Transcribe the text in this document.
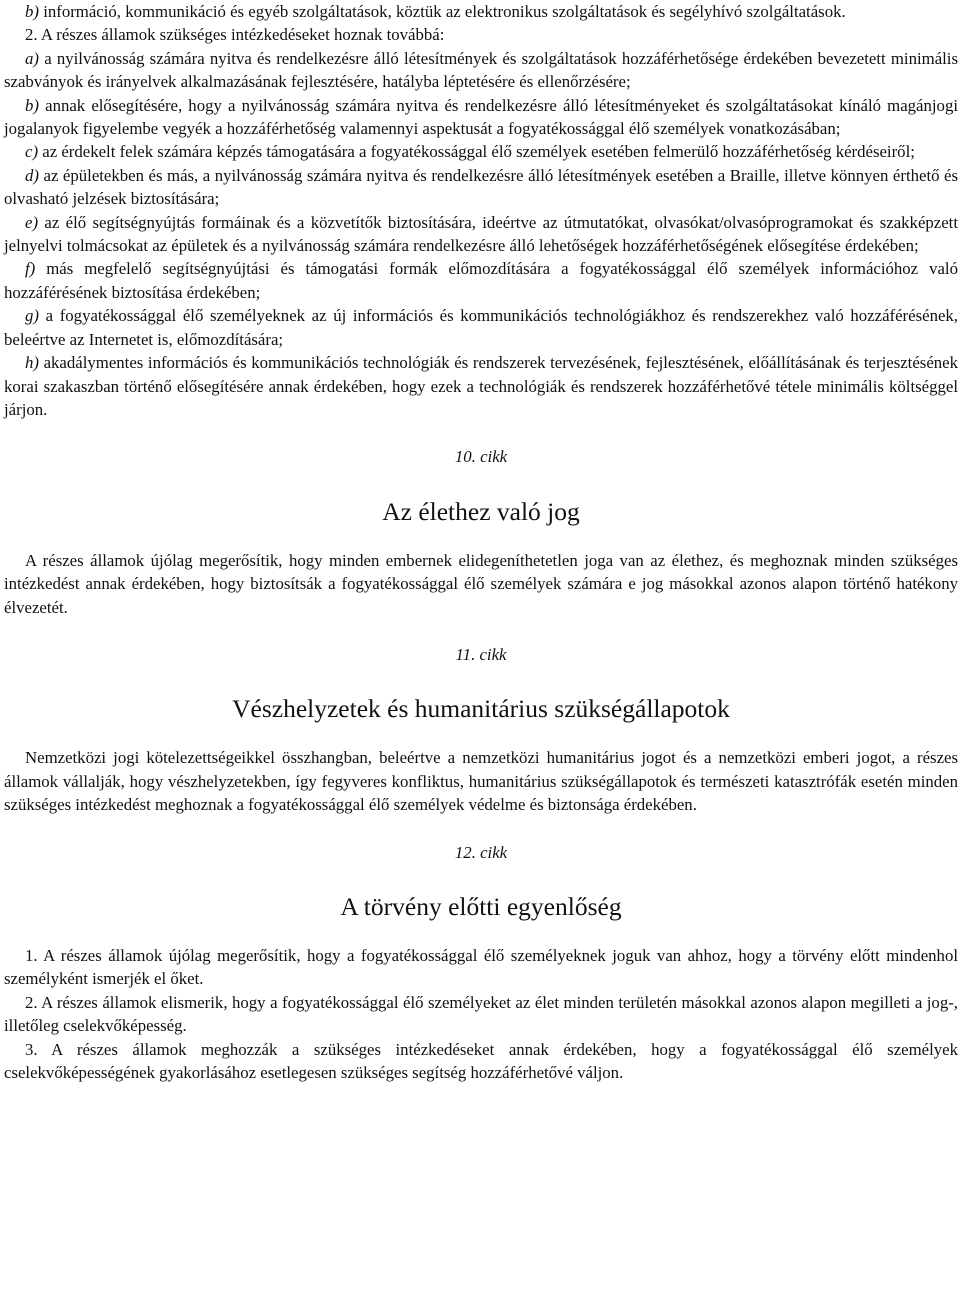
b) információ, kommunikáció és egyéb szolgáltatások, köztük az elektronikus szolgáltatások és segélyhívó szolgáltatások.

2. A részes államok szükséges intézkedéseket hoznak továbbá:

a) a nyilvánosság számára nyitva és rendelkezésre álló létesítmények és szolgáltatások hozzáférhetősége érdekében bevezetett minimális szabványok és irányelvek alkalmazásának fejlesztésére, hatályba léptetésére és ellenőrzésére;

b) annak elősegítésére, hogy a nyilvánosság számára nyitva és rendelkezésre álló létesítményeket és szolgáltatásokat kínáló magánjogi jogalanyok figyelembe vegyék a hozzáférhetőség valamennyi aspektusát a fogyatékossággal élő személyek vonatkozásában;

c) az érdekelt felek számára képzés támogatására a fogyatékossággal élő személyek esetében felmerülő hozzáférhetőség kérdéseiről;

d) az épületekben és más, a nyilvánosság számára nyitva és rendelkezésre álló létesítmények esetében a Braille, illetve könnyen érthető és olvasható jelzések biztosítására;

e) az élő segítségnyújtás formáinak és a közvetítők biztosítására, ideértve az útmutatókat, olvasókat/olvasóprogramokat és szakképzett jelnyelvi tolmácsokat az épületek és a nyilvánosság számára rendelkezésre álló lehetőségek hozzáférhetőségének elősegítése érdekében;

f) más megfelelő segítségnyújtási és támogatási formák előmozdítására a fogyatékossággal élő személyek információhoz való hozzáférésének biztosítása érdekében;

g) a fogyatékossággal élő személyeknek az új információs és kommunikációs technológiákhoz és rendszerekhez való hozzáférésének, beleértve az Internetet is, előmozdítására;

h) akadálymentes információs és kommunikációs technológiák és rendszerek tervezésének, fejlesztésének, előállításának és terjesztésének korai szakaszban történő elősegítésére annak érdekében, hogy ezek a technológiák és rendszerek hozzáférhetővé tétele minimális költséggel járjon.

10. cikk

Az élethez való jog

A részes államok újólag megerősítik, hogy minden embernek elidegeníthetetlen joga van az élethez, és meghoznak minden szükséges intézkedést annak érdekében, hogy biztosítsák a fogyatékossággal élő személyek számára e jog másokkal azonos alapon történő hatékony élvezetét.

11. cikk

Vészhelyzetek és humanitárius szükségállapotok

Nemzetközi jogi kötelezettségeikkel összhangban, beleértve a nemzetközi humanitárius jogot és a nemzetközi emberi jogot, a részes államok vállalják, hogy vészhelyzetekben, így fegyveres konfliktus, humanitárius szükségállapotok és természeti katasztrófák esetén minden szükséges intézkedést meghoznak a fogyatékossággal élő személyek védelme és biztonsága érdekében.

12. cikk

A törvény előtti egyenlőség

1. A részes államok újólag megerősítik, hogy a fogyatékossággal élő személyeknek joguk van ahhoz, hogy a törvény előtt mindenhol személyként ismerjék el őket.

2. A részes államok elismerik, hogy a fogyatékossággal élő személyeket az élet minden területén másokkal azonos alapon megilleti a jog-, illetőleg cselekvőképesség.

3. A részes államok meghozzák a szükséges intézkedéseket annak érdekében, hogy a fogyatékossággal élő személyek cselekvőképességének gyakorlásához esetlegesen szükséges segítség hozzáférhetővé váljon.
